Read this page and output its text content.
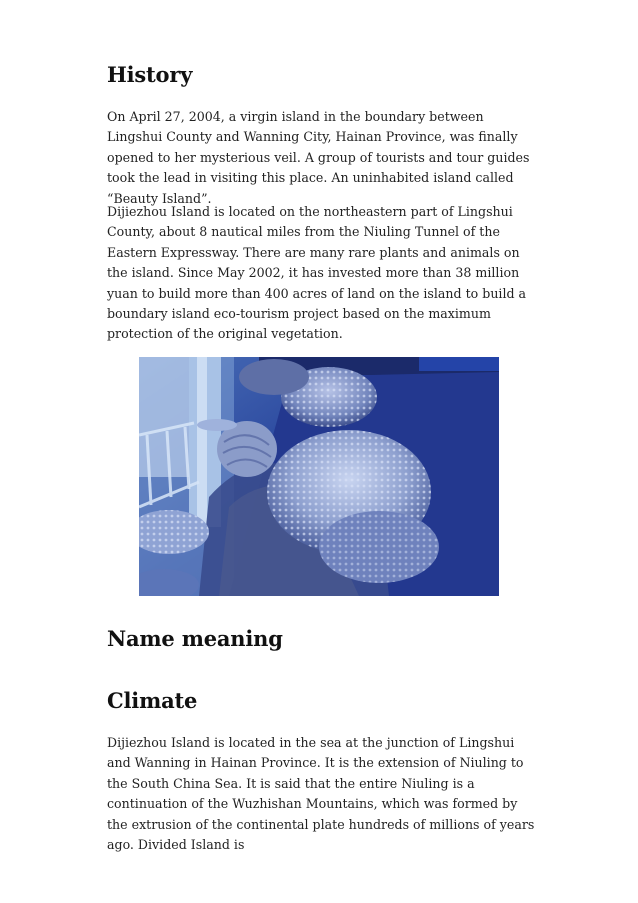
History

On April 27, 2004, a virgin island in the boundary between Lingshui County and Wanning City, Hainan Province, was finally opened to her mysterious veil. A group of tourists and tour guides took the lead in visiting this place. An uninhabited island called “Beauty Island”.

Dijiezhou Island is located on the northeastern part of Lingshui County, about 8 nautical miles from the Niuling Tunnel of the Eastern Expressway. There are many rare plants and animals on the island. Since May 2002, it has invested more than 38 million yuan to build more than 400 acres of land on the island to build a boundary island eco-tourism project based on the maximum protection of the original vegetation.

Name meaning
Climate

Dijiezhou Island is located in the sea at the junction of Lingshui and Wanning in Hainan Province. It is the extension of Niuling to the South China Sea. It is said that the entire Niuling is a continuation of the Wuzhishan Mountains, which was formed by the extrusion of the continental plate hundreds of millions of years ago. Divided Island is
